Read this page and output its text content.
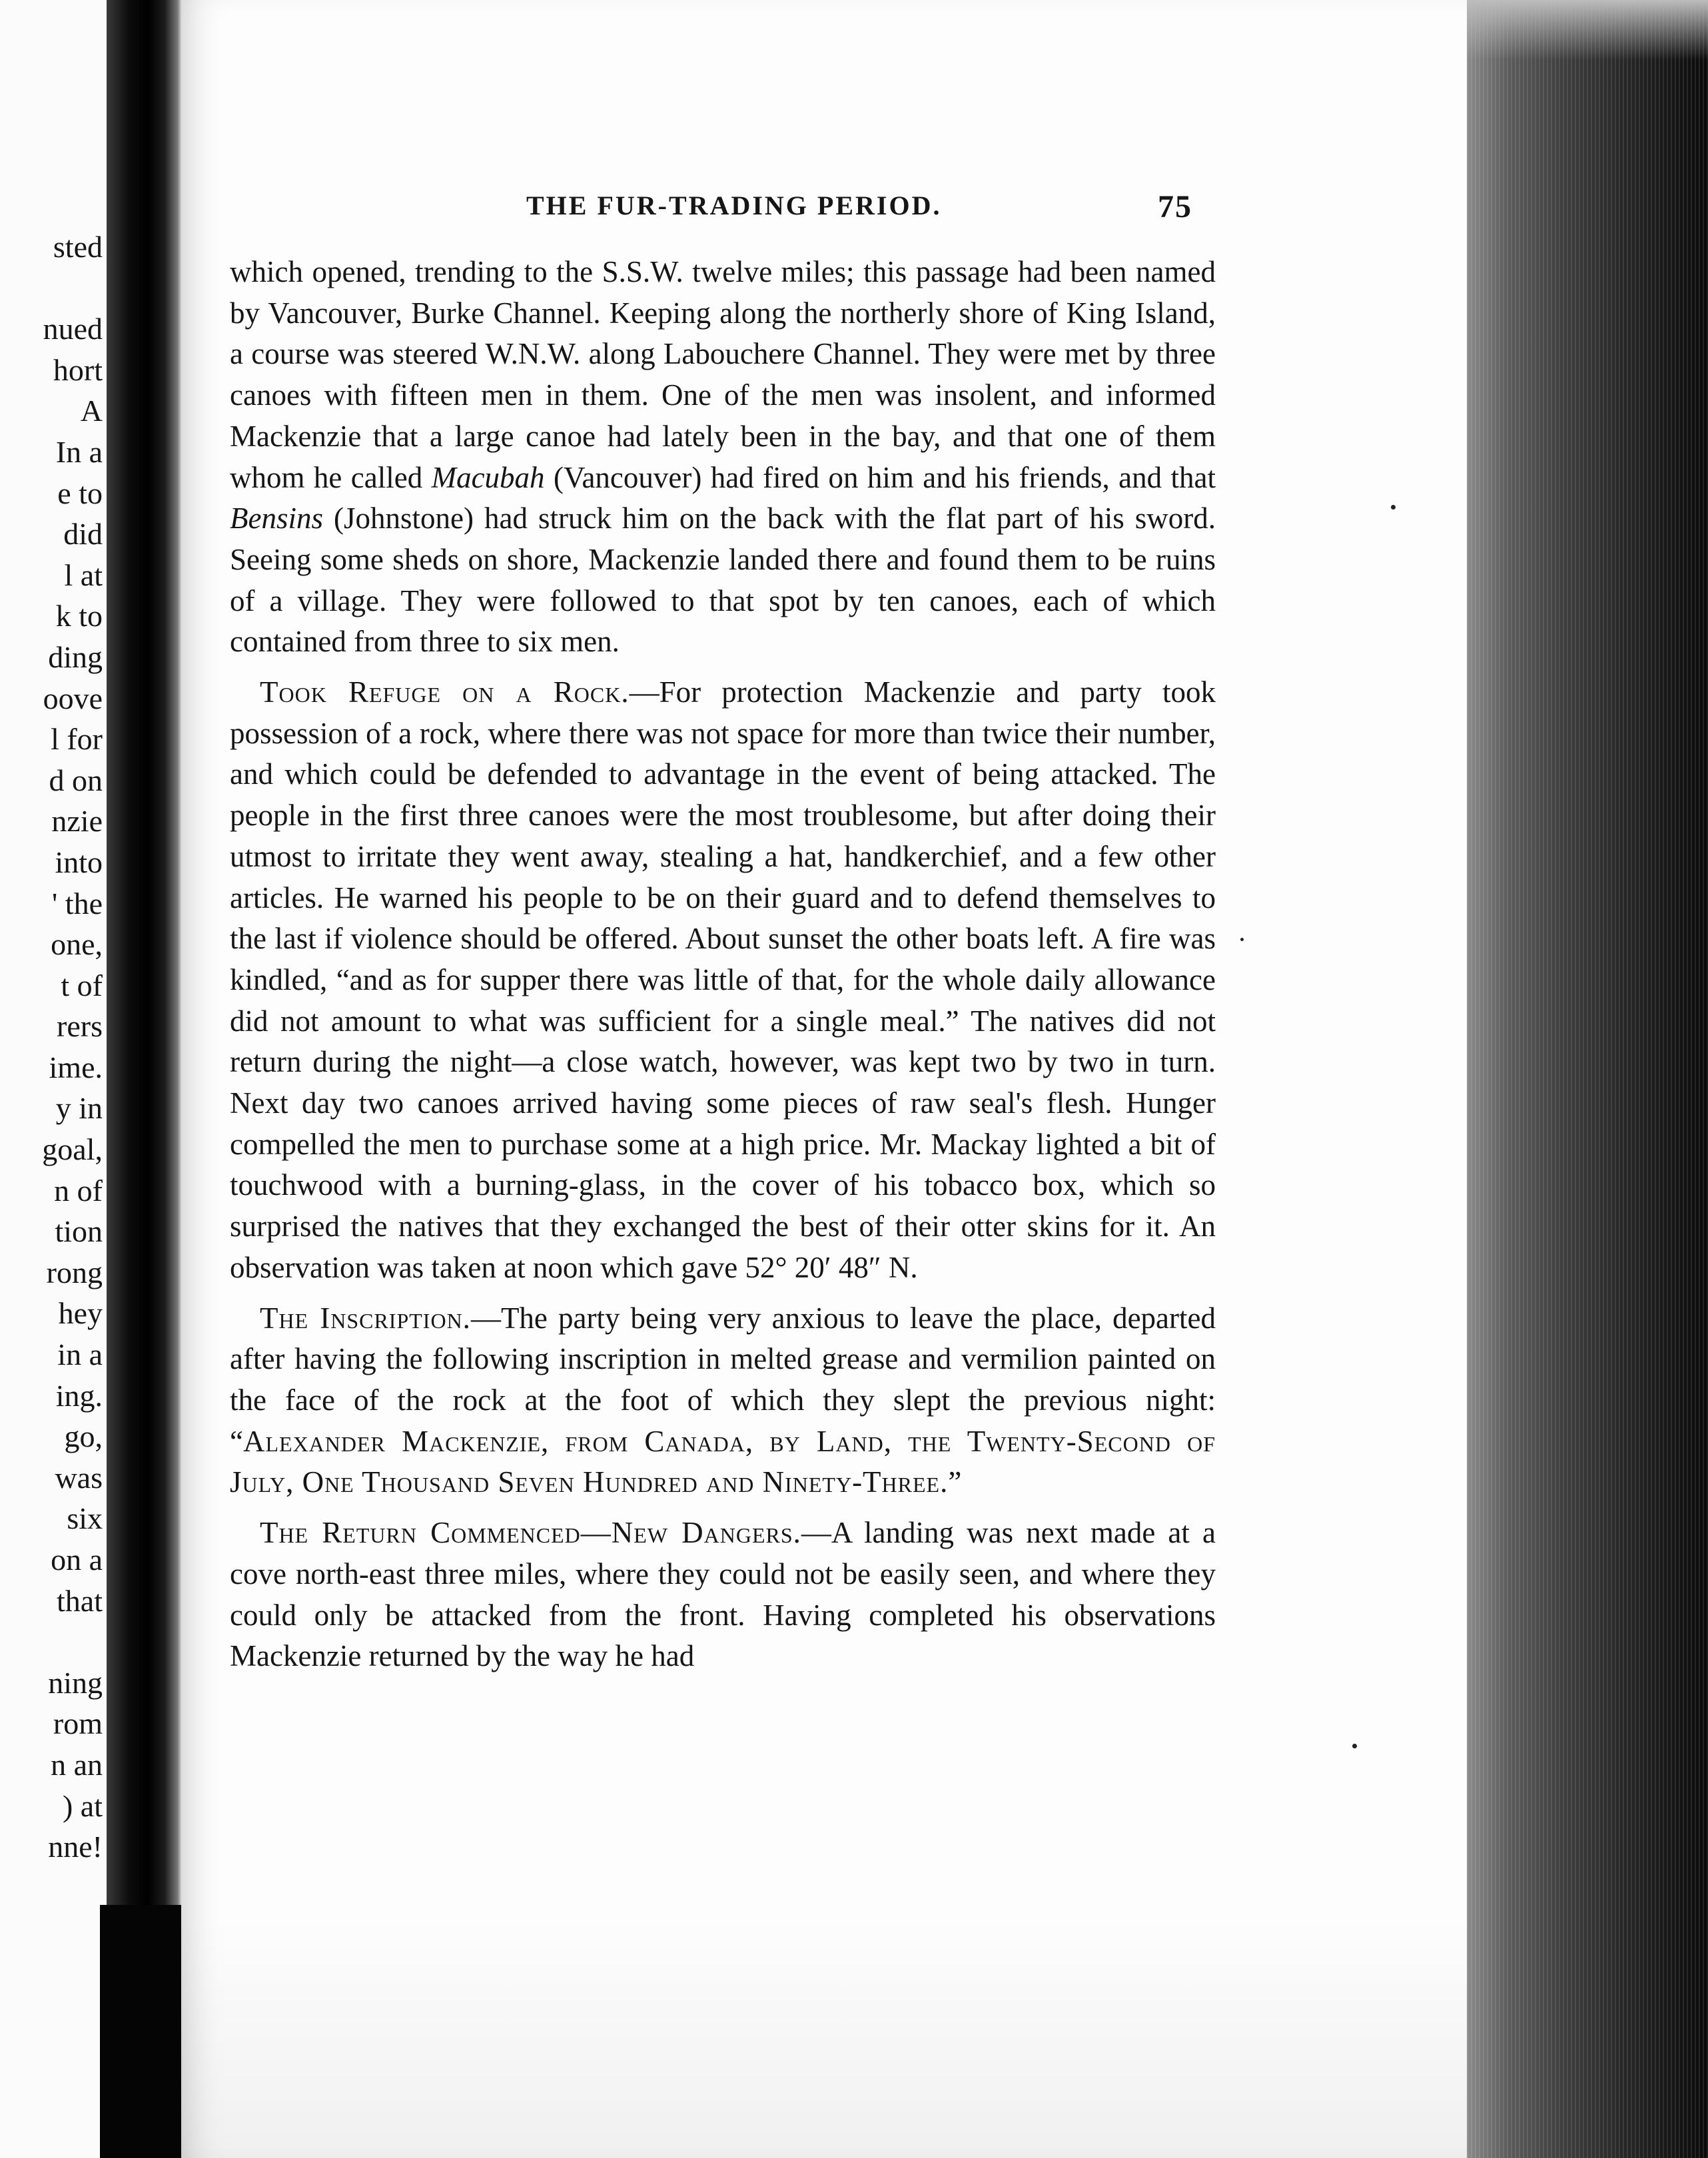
sted

nued
hort
A
In a
e to
did
l at
k to
ding
oove
l for
d on
nzie
into
' the
one,
t of
rers
ime.
y in
goal,
n of
tion
rong
hey
in a
ing.
go,
was
six
on a
that

ning
rom
n an
) at
nne!
THE FUR-TRADING PERIOD.	75

which opened, trending to the S.S.W. twelve miles; this passage had been named by Vancouver, Burke Channel. Keeping along the northerly shore of King Island, a course was steered W.N.W. along Labouchere Channel. They were met by three canoes with fifteen men in them. One of the men was insolent, and informed Mackenzie that a large canoe had lately been in the bay, and that one of them whom he called Macubah (Vancouver) had fired on him and his friends, and that Bensins (Johnstone) had struck him on the back with the flat part of his sword. Seeing some sheds on shore, Mackenzie landed there and found them to be ruins of a village. They were followed to that spot by ten canoes, each of which contained from three to six men.

Took Refuge on a Rock.—For protection Mackenzie and party took possession of a rock, where there was not space for more than twice their number, and which could be defended to advantage in the event of being attacked. The people in the first three canoes were the most troublesome, but after doing their utmost to irritate they went away, stealing a hat, handkerchief, and a few other articles. He warned his people to be on their guard and to defend themselves to the last if violence should be offered. About sunset the other boats left. A fire was kindled, “and as for supper there was little of that, for the whole daily allowance did not amount to what was sufficient for a single meal.” The natives did not return during the night—a close watch, however, was kept two by two in turn. Next day two canoes arrived having some pieces of raw seal's flesh. Hunger compelled the men to purchase some at a high price. Mr. Mackay lighted a bit of touchwood with a burning-glass, in the cover of his tobacco box, which so surprised the natives that they exchanged the best of their otter skins for it. An observation was taken at noon which gave 52° 20′ 48″ N.

The Inscription.—The party being very anxious to leave the place, departed after having the following inscription in melted grease and vermilion painted on the face of the rock at the foot of which they slept the previous night: “Alexander Mackenzie, from Canada, by Land, the Twenty-Second of July, One Thousand Seven Hundred and Ninety-Three.”

The Return Commenced—New Dangers.—A landing was next made at a cove north-east three miles, where they could not be easily seen, and where they could only be attacked from the front. Having completed his observations Mackenzie returned by the way he had
